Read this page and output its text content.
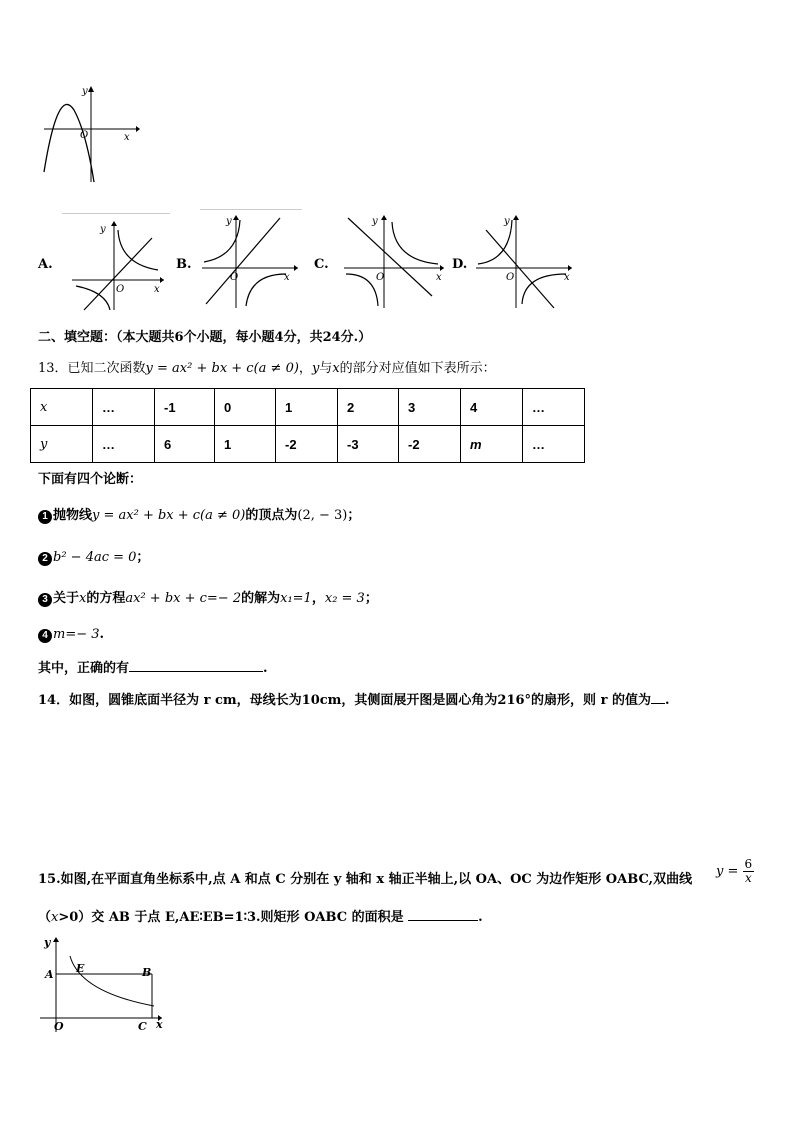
y
x
O
A.
y
x
O
B.
y
x
O
C.
y
x
O
D.
y
x
O
二、填空题：（本大题共6个小题，每小题4分，共24分.）
13．已知二次函数y = ax² + bx + c(a ≠ 0)，y与x的部分对应值如下表所示：
x	…	-1	0	1	2	3	4	…
y	…	6	1	-2	-3	-2	m	…
下面有四个论断：
1 抛物线y = ax² + bx + c(a ≠ 0)的顶点为(2, − 3)；
2 b² − 4ac = 0；
3 关于x的方程ax² + bx + c=− 2的解为x₁=1，x₂ = 3；
4 m=− 3.
其中，正确的有	.
14．如图，圆锥底面半径为 r cm，母线长为10cm，其侧面展开图是圆心角为216°的扇形，则 r 的值为 .
15.如图,在平面直角坐标系中,点 A 和点 C 分别在 y 轴和 x 轴正半轴上,以 OA、OC 为边作矩形 OABC,双曲线
$y = \frac{6}{x}$
（x>0）交 AB 于点 E,AE∶EB=1∶3.则矩形 OABC 的面积是	.
y
A E	B
O	C x
